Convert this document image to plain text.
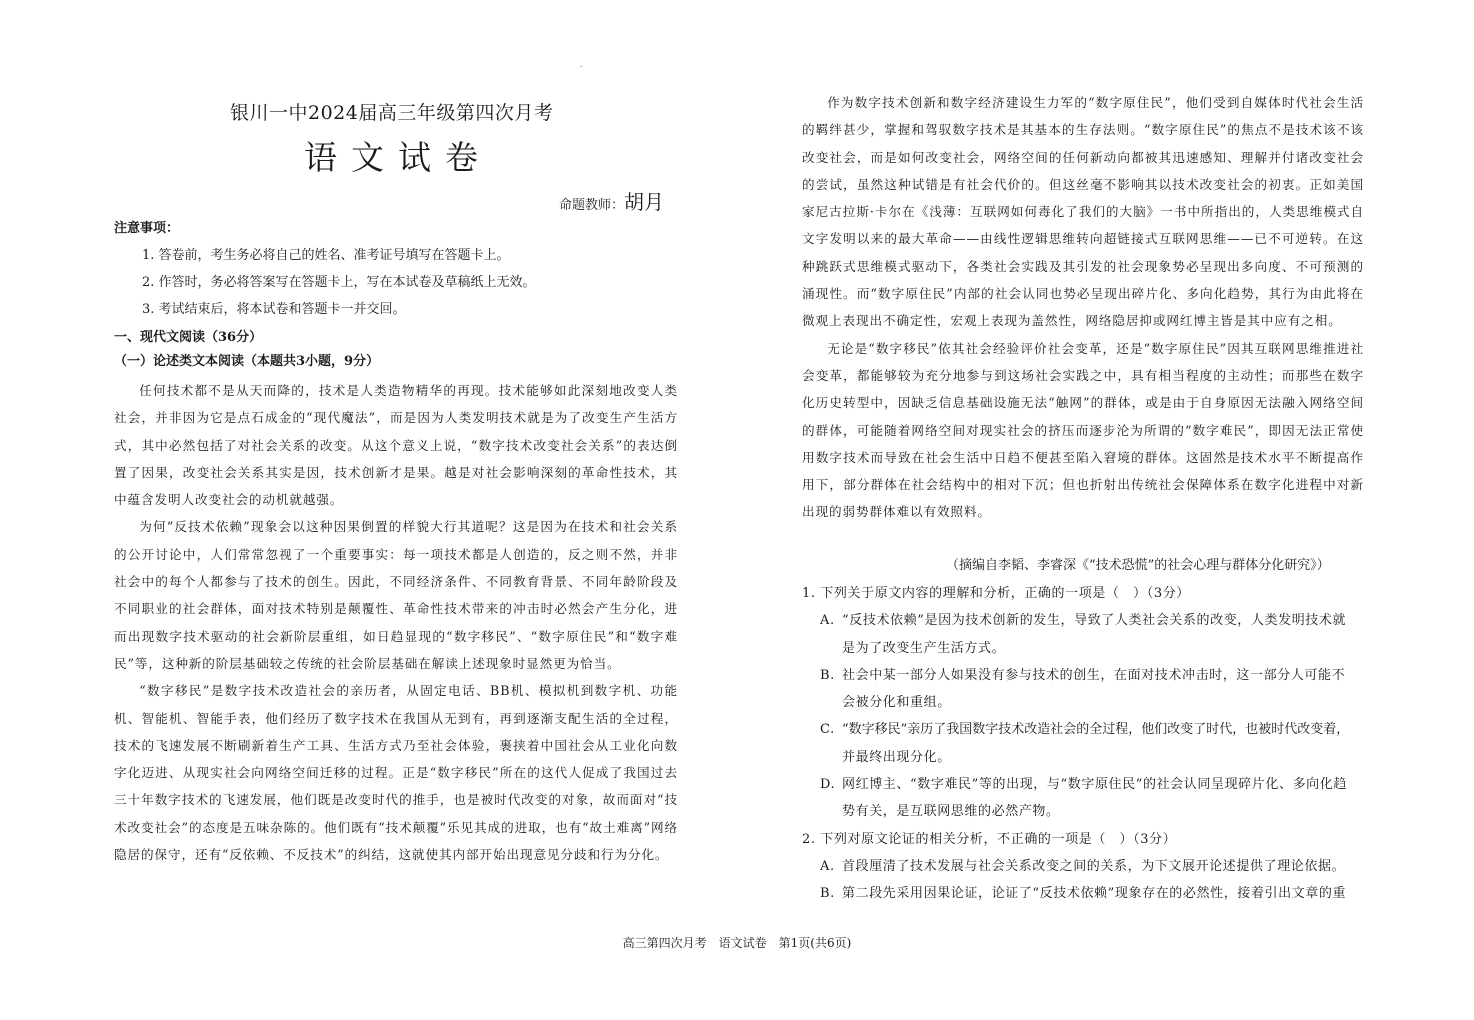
.
银川一中2024届高三年级第四次月考
语文试卷
命题教师：胡月
注意事项：
1. 答卷前，考生务必将自己的姓名、准考证号填写在答题卡上。
2. 作答时，务必将答案写在答题卡上，写在本试卷及草稿纸上无效。
3. 考试结束后，将本试卷和答题卡一并交回。
一、现代文阅读（36分）
（一）论述类文本阅读（本题共3小题，9分）

任何技术都不是从天而降的，技术是人类造物精华的再现。技术能够如此深刻地改变人类社会，并非因为它是点石成金的“现代魔法”，而是因为人类发明技术就是为了改变生产生活方式，其中必然包括了对社会关系的改变。从这个意义上说，“数字技术改变社会关系”的表达倒置了因果，改变社会关系其实是因，技术创新才是果。越是对社会影响深刻的革命性技术，其中蕴含发明人改变社会的动机就越强。

为何“反技术依赖”现象会以这种因果倒置的样貌大行其道呢？这是因为在技术和社会关系的公开讨论中，人们常常忽视了一个重要事实：每一项技术都是人创造的，反之则不然，并非社会中的每个人都参与了技术的创生。因此，不同经济条件、不同教育背景、不同年龄阶段及不同职业的社会群体，面对技术特别是颠覆性、革命性技术带来的冲击时必然会产生分化，进而出现数字技术驱动的社会新阶层重组，如日趋显现的“数字移民”、“数字原住民”和“数字难民”等，这种新的阶层基础较之传统的社会阶层基础在解读上述现象时显然更为恰当。

“数字移民”是数字技术改造社会的亲历者，从固定电话、BB机、模拟机到数字机、功能机、智能机、智能手表，他们经历了数字技术在我国从无到有，再到逐渐支配生活的全过程，技术的飞速发展不断刷新着生产工具、生活方式乃至社会体验，裹挟着中国社会从工业化向数字化迈进、从现实社会向网络空间迁移的过程。正是“数字移民”所在的这代人促成了我国过去三十年数字技术的飞速发展，他们既是改变时代的推手，也是被时代改变的对象，故而面对“技术改变社会”的态度是五味杂陈的。他们既有“技术颠覆”乐见其成的进取，也有“故土难离”网络隐居的保守，还有“反依赖、不反技术”的纠结，这就使其内部开始出现意见分歧和行为分化。

作为数字技术创新和数字经济建设生力军的“数字原住民”，他们受到自媒体时代社会生活的羁绊甚少，掌握和驾驭数字技术是其基本的生存法则。“数字原住民”的焦点不是技术该不该改变社会，而是如何改变社会，网络空间的任何新动向都被其迅速感知、理解并付诸改变社会的尝试，虽然这种试错是有社会代价的。但这丝毫不影响其以技术改变社会的初衷。正如美国家尼古拉斯·卡尔在《浅薄：互联网如何毒化了我们的大脑》一书中所指出的，人类思维模式自文字发明以来的最大革命——由线性逻辑思维转向超链接式互联网思维——已不可逆转。在这种跳跃式思维模式驱动下，各类社会实践及其引发的社会现象势必呈现出多向度、不可预测的涌现性。而“数字原住民”内部的社会认同也势必呈现出碎片化、多向化趋势，其行为由此将在微观上表现出不确定性，宏观上表现为盖然性，网络隐居抑或网红博主皆是其中应有之相。

无论是“数字移民”依其社会经验评价社会变革，还是“数字原住民”因其互联网思维推进社会变革，都能够较为充分地参与到这场社会实践之中，具有相当程度的主动性；而那些在数字化历史转型中，因缺乏信息基础设施无法“触网”的群体，或是由于自身原因无法融入网络空间的群体，可能随着网络空间对现实社会的挤压而逐步沦为所谓的“数字难民”，即因无法正常使用数字技术而导致在社会生活中日趋不便甚至陷入窘境的群体。这固然是技术水平不断提高作用下，部分群体在社会结构中的相对下沉；但也折射出传统社会保障体系在数字化进程中对新出现的弱势群体难以有效照料。

（摘编自李韬、李睿深《“技术恐慌”的社会心理与群体分化研究》）
1. 下列关于原文内容的理解和分析，正确的一项是（　）（3分）
A. “反技术依赖”是因为技术创新的发生，导致了人类社会关系的改变，人类发明技术就
是为了改变生产生活方式。
B. 社会中某一部分人如果没有参与技术的创生，在面对技术冲击时，这一部分人可能不
会被分化和重组。
C. “数字移民”亲历了我国数字技术改造社会的全过程，他们改变了时代，也被时代改变着，
并最终出现分化。
D. 网红博主、“数字难民”等的出现，与“数字原住民”的社会认同呈现碎片化、多向化趋
势有关，是互联网思维的必然产物。
2. 下列对原文论证的相关分析，不正确的一项是（　）（3分）
A. 首段厘清了技术发展与社会关系改变之间的关系，为下文展开论述提供了理论依据。
B. 第二段先采用因果论证，论证了“反技术依赖”现象存在的必然性，接着引出文章的重
高三第四次月考　语文试卷　第1页(共6页)
